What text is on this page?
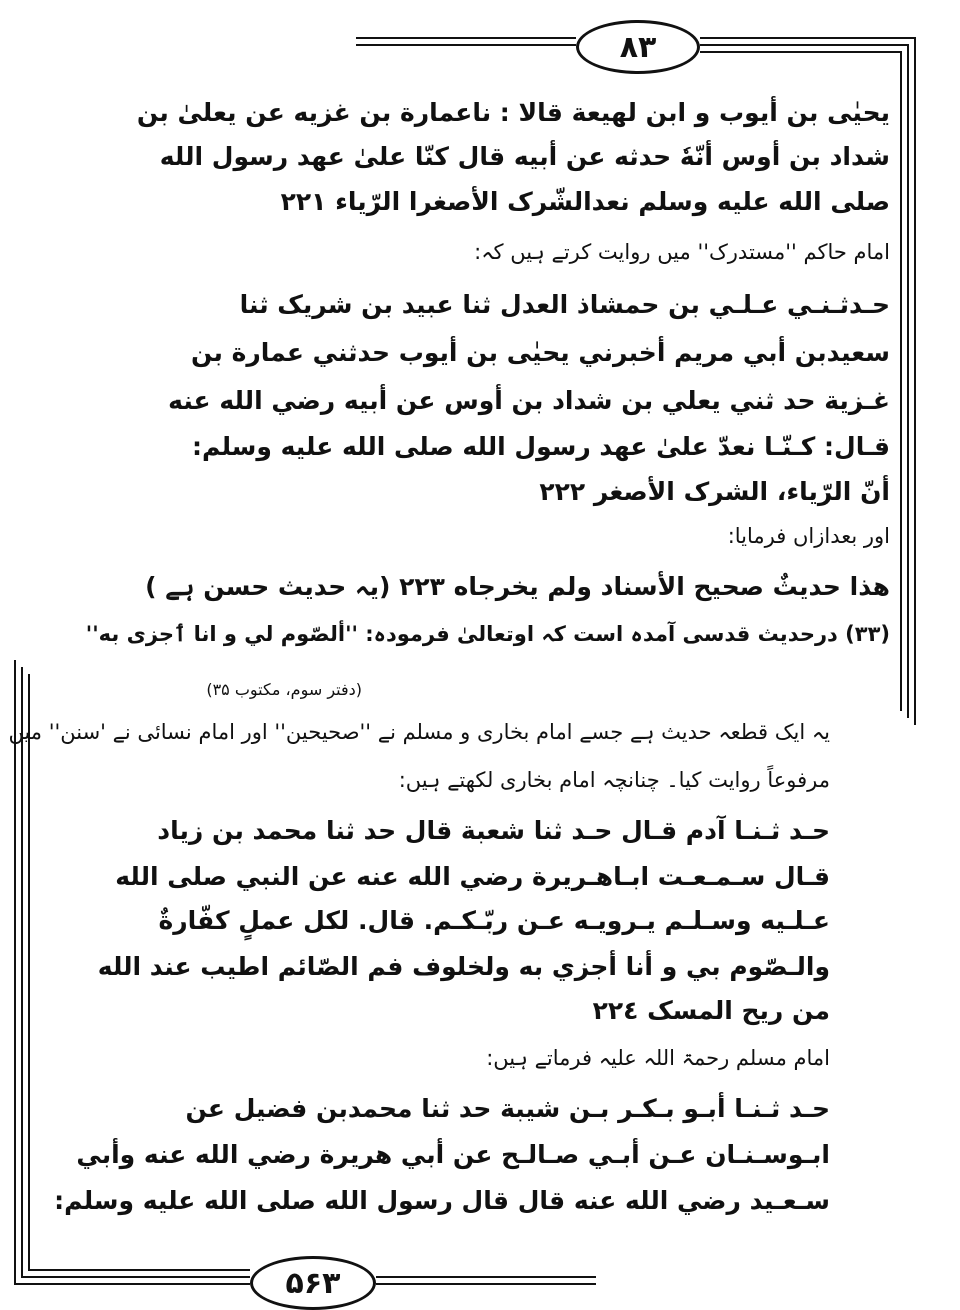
۸۳
۵۶۳
يحيٰى بن أيوب و ابن لهيعة قالا : ناعمارة بن غزيه عن يعلىٰ بن
شداد بن أوس أنّهٗ حدثه عن أبيه قال كنّا علىٰ عهد رسول الله
صلى الله عليه وسلم نعدالشّرک الأصغرا الرّياء ٢٢١
امام حاکم ''مستدرک'' میں روایت کرتے ہیں کہ:
حـدثـنـي عـلـي بن حمشاذ العدل ثنا عبيد بن شريک ثنا
سعيدبن أبي مريم أخبرني يحيٰى بن أيوب حدثني عمارة بن
غـزية حد ثني يعلي بن شداد بن أوس عن أبيه رضي الله عنه
قـال: كـنّـا نعدّ علىٰ عهد رسول الله صلى الله عليه وسلم:
أنّ الرّياء، الشرک الأصغر ٢٢٢
اور بعدازاں فرمایا:
هذا حديثٌ صحيح الأسناد ولم يخرجاه ٢٢٣ (یہ حدیث حسن ہے )
(۳۳) درحدیث قدسی آمدہ است کہ اوتعالیٰ فرمودہ: ''ألصّوم لي و انا ٲجزی به''
(دفتر سوم، مکتوب ۳۵)
یہ ایک قطعہ حدیث ہے جسے امام بخاری و مسلم نے ''صحیحین'' اور امام نسائی نے 'سنن'' میں
مرفوعاً روایت کیا۔ چنانچہ امام بخاری لکھتے ہیں:
حـد ثـنـا آدم قـال حـد ثنا شعبة قال حد ثنا محمد بن زياد
قـال سـمـعـت ابـاهـريرة رضي الله عنه عن النبي صلى الله
عـلـيه وسـلـم يـرويـه عـن ربّـكـم. قال. لكل عملٍ كفّارةٌ
والـصّوم بي و أنا أجزي به ولخلوف فم الصّائم اطيب عند الله
من ريح المسک ٢٢٤
امام مسلم رحمۃ اللہ علیہ فرماتے ہیں:
حـد ثـنـا أبـو بـكـر بـن شيبة حد ثنا محمدبن فضيل عن
ابـوسـنـان عـن أبـي صـالـح عن أبي هريرة رضي الله عنه وأبي
سـعـيد رضي الله عنه قال قال رسول الله صلى الله عليه وسلم:
